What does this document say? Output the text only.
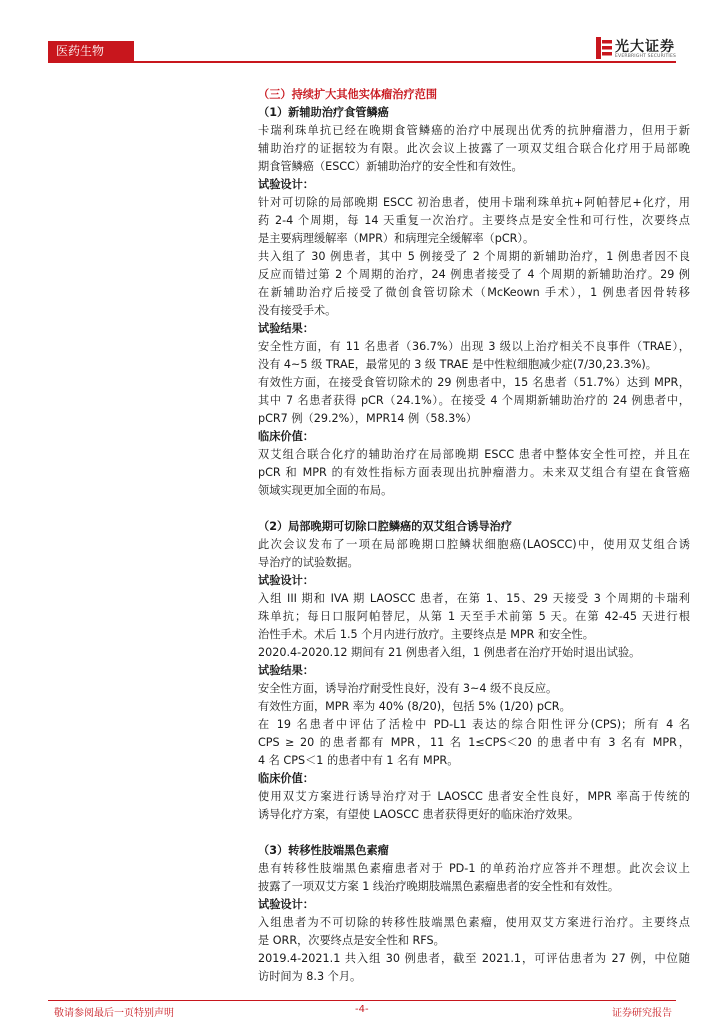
医药生物	光大证券
EVERBRIGHT SECURITIES
（三）持续扩大其他实体瘤治疗范围
（1）新辅助治疗食管鳞癌
卡瑞利珠单抗已经在晚期食管鳞癌的治疗中展现出优秀的抗肿瘤潜力，但用于新
辅助治疗的证据较为有限。此次会议上披露了一项双艾组合联合化疗用于局部晚
期食管鳞癌（ESCC）新辅助治疗的安全性和有效性。
试验设计：
针对可切除的局部晚期 ESCC 初治患者，使用卡瑞利珠单抗+阿帕替尼+化疗，用
药 2-4 个周期，每 14 天重复一次治疗。主要终点是安全性和可行性，次要终点
是主要病理缓解率（MPR）和病理完全缓解率（pCR）。
共入组了 30 例患者，其中 5 例接受了 2 个周期的新辅助治疗，1 例患者因不良
反应而错过第 2 个周期的治疗，24 例患者接受了 4 个周期的新辅助治疗。29 例
在新辅助治疗后接受了微创食管切除术（McKeown 手术），1 例患者因骨转移
没有接受手术。
试验结果：
安全性方面，有 11 名患者（36.7%）出现 3 级以上治疗相关不良事件（TRAE），
没有 4~5 级 TRAE，最常见的 3 级 TRAE 是中性粒细胞减少症(7/30,23.3%)。
有效性方面，在接受食管切除术的 29 例患者中，15 名患者（51.7%）达到 MPR，
其中 7 名患者获得 pCR（24.1%）。在接受 4 个周期新辅助治疗的 24 例患者中，
pCR7 例（29.2%），MPR14 例（58.3%）
临床价值：
双艾组合联合化疗的辅助治疗在局部晚期 ESCC 患者中整体安全性可控，并且在
pCR 和 MPR 的有效性指标方面表现出抗肿瘤潜力。未来双艾组合有望在食管癌
领域实现更加全面的布局。
（2）局部晚期可切除口腔鳞癌的双艾组合诱导治疗
此次会议发布了一项在局部晚期口腔鳞状细胞癌(LAOSCC)中，使用双艾组合诱
导治疗的试验数据。
试验设计：
入组 III 期和 IVA 期 LAOSCC 患者，在第 1、15、29 天接受 3 个周期的卡瑞利
珠单抗；每日口服阿帕替尼，从第 1 天至手术前第 5 天。在第 42-45 天进行根
治性手术。术后 1.5 个月内进行放疗。主要终点是 MPR 和安全性。
2020.4-2020.12 期间有 21 例患者入组，1 例患者在治疗开始时退出试验。
试验结果：
安全性方面，诱导治疗耐受性良好，没有 3~4 级不良反应。
有效性方面，MPR 率为 40% (8/20)，包括 5% (1/20) pCR。
在 19 名患者中评估了活检中 PD-L1 表达的综合阳性评分(CPS)；所有 4 名
CPS ≥ 20 的患者都有 MPR，11 名 1≤CPS＜20 的患者中有 3 名有 MPR，
4 名 CPS＜1 的患者中有 1 名有 MPR。
临床价值：
使用双艾方案进行诱导治疗对于 LAOSCC 患者安全性良好，MPR 率高于传统的
诱导化疗方案，有望使 LAOSCC 患者获得更好的临床治疗效果。
（3）转移性肢端黑色素瘤
患有转移性肢端黑色素瘤患者对于 PD-1 的单药治疗应答并不理想。此次会议上
披露了一项双艾方案 1 线治疗晚期肢端黑色素瘤患者的安全性和有效性。
试验设计：
入组患者为不可切除的转移性肢端黑色素瘤，使用双艾方案进行治疗。主要终点
是 ORR，次要终点是安全性和 RFS。
2019.4-2021.1 共入组 30 例患者，截至 2021.1，可评估患者为 27 例，中位随
访时间为 8.3 个月。
敬请参阅最后一页特别声明	-4-	证券研究报告
